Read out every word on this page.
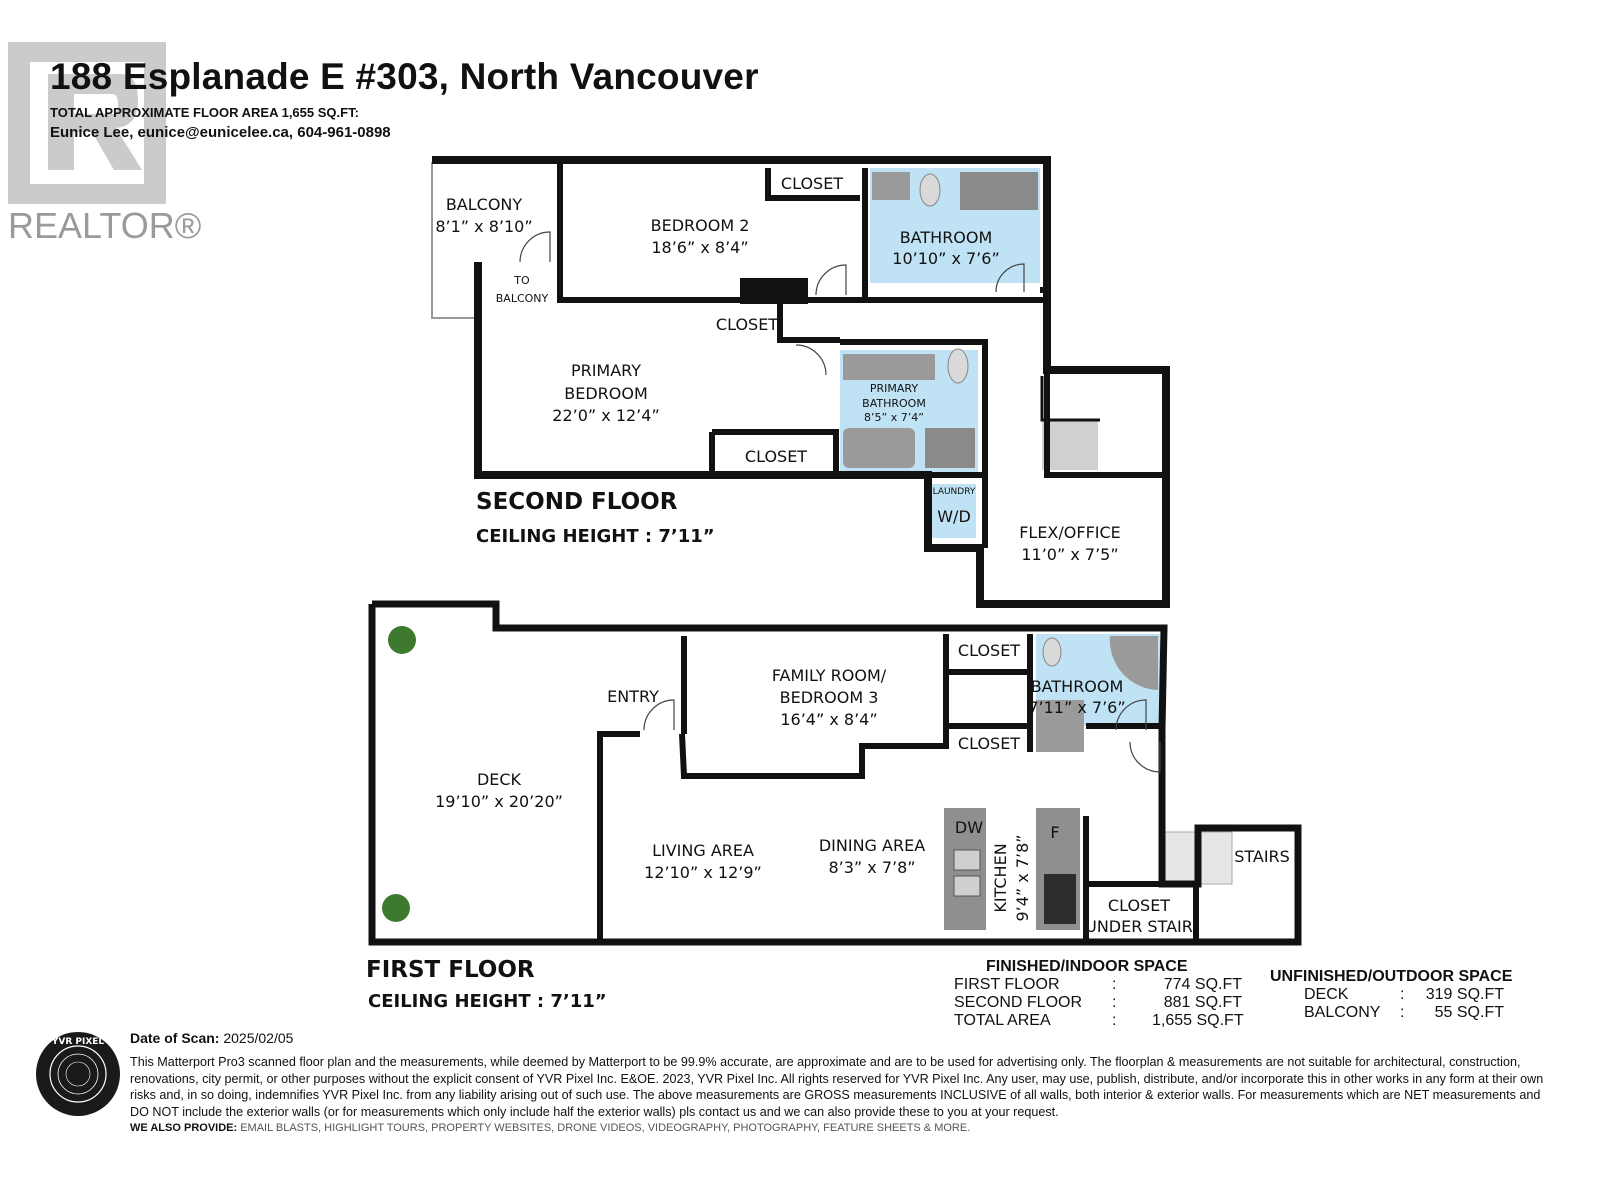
REALTOR®
188 Esplanade E #303, North Vancouver
TOTAL APPROXIMATE FLOOR AREA 1,655 SQ.FT:
Eunice Lee, eunice@eunicelee.ca, 604-961-0898
BALCONY
8’1” x 8’10”
TO
BALCONY
BEDROOM 2
18’6” x 8’4”
CLOSET
BATHROOM
10’10” x 7’6”
CLOSET
PRIMARY
BEDROOM
22’0” x 12’4”
PRIMARY
BATHROOM
8’5” x 7’4”
CLOSET
LAUNDRY
W/D
FLEX/OFFICE
11’0” x 7’5”
SECOND FLOOR
CEILING HEIGHT : 7’11”
DECK
19’10” x 20’20”
ENTRY
FAMILY ROOM/
BEDROOM 3
16’4” x 8’4”
CLOSET
CLOSET
BATHROOM
7’11” x 7’6”
LIVING AREA
12’10” x 12’9”
DINING AREA
8’3” x 7’8”
DW	F
KITCHEN 9’4” x 7’8”	STAIRS
CLOSET
UNDER STAIR
FIRST FLOOR
CEILING HEIGHT : 7’11”
FINISHED/INDOOR SPACE
FIRST FLOOR	:	774 SQ.FT
SECOND FLOOR	:	881 SQ.FT
TOTAL AREA	:	1,655 SQ.FT
UNFINISHED/OUTDOOR SPACE
DECK	:	319 SQ.FT
BALCONY	:	55 SQ.FT
YVR PIXEL Date of Scan: 2025/02/05
This Matterport Pro3 scanned floor plan and the measurements, while deemed by Matterport to be 99.9% accurate, are approximate and are to be used for advertising only. The floorplan & measurements are not suitable for architectural, construction, renovations, city permit, or other purposes without the explicit consent of YVR Pixel Inc. E&OE. 2023, YVR Pixel Inc. All rights reserved for YVR Pixel Inc. Any user, may use, publish, distribute, and/or incorporate this in other works in any form at their own risks and, in so doing, indemnifies YVR Pixel Inc. from any liability arising out of such use. The above measurements are GROSS measurements INCLUSIVE of all walls, both interior & exterior walls. For measurements which are NET measurements and DO NOT include the exterior walls (or for measurements which only include half the exterior walls) pls contact us and we can also provide these to you at your request.
WE ALSO PROVIDE: EMAIL BLASTS, HIGHLIGHT TOURS, PROPERTY WEBSITES, DRONE VIDEOS, VIDEOGRAPHY, PHOTOGRAPHY, FEATURE SHEETS & MORE.
